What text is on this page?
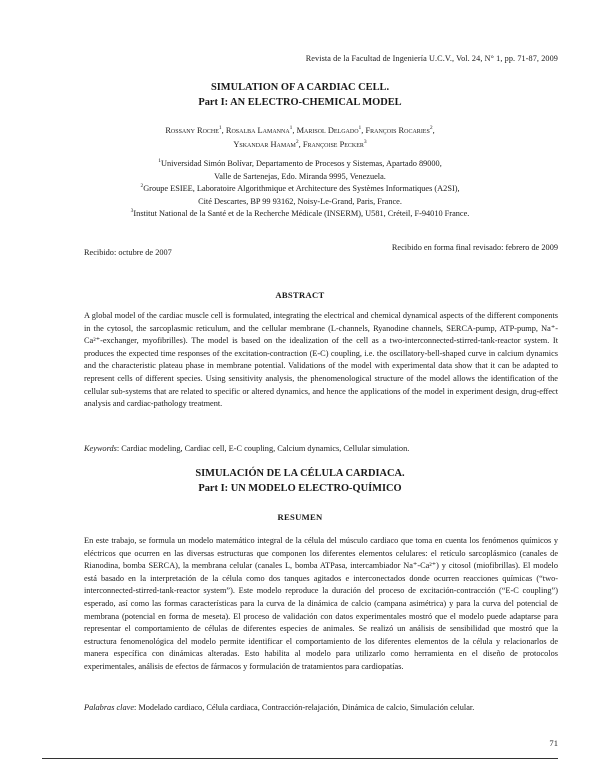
Revista de la Facultad de Ingeniería U.C.V., Vol. 24, N° 1, pp. 71-87, 2009
SIMULATION OF A CARDIAC CELL.
Part I: AN ELECTRO-CHEMICAL MODEL
Rossany Roche$^1$, Rosalba Lamanna$^1$, Marisol Delgado$^1$, François Rocaries$^2$,
Yskandar Hamam$^2$, Françoise Pecker$^3$
$^1$Universidad Simón Bolívar, Departamento de Procesos y Sistemas, Apartado 89000,
Valle de Sartenejas, Edo. Miranda 9995, Venezuela.
$^2$Groupe ESIEE, Laboratoire Algorithmique et Architecture des Systèmes Informatiques (A2SI),
Cité Descartes, BP 99 93162, Noisy-Le-Grand, Paris, France.
$^3$Institut National de la Santé et de la Recherche Médicale (INSERM), U581, Créteil, F-94010 France.
Recibido: octubre de 2007
Recibido en forma final revisado: febrero de 2009
ABSTRACT
A global model of the cardiac muscle cell is formulated, integrating the electrical and chemical dynamical aspects of the different components in the cytosol, the sarcoplasmic reticulum, and the cellular membrane (L-channels, Ryanodine channels, SERCA-pump, ATP-pump, Na⁺-Ca²⁺-exchanger, myofibrilles). The model is based on the idealization of the cell as a two-interconnected-stirred-tank-reactor system. It produces the expected time responses of the excitation-contraction (E-C) coupling, i.e. the oscillatory-bell-shaped curve in calcium dynamics and the characteristic plateau phase in membrane potential. Validations of the model with experimental data show that it can be adapted to represent cells of different species. Using sensitivity analysis, the phenomenological structure of the model allows the identification of the cellular sub-systems that are related to specific or altered dynamics, and hence the applications of the model in experiment design, drug-effect analysis and cardiac-pathology treatment.
Keywords: Cardiac modeling, Cardiac cell, E-C coupling, Calcium dynamics, Cellular simulation.
SIMULACIÓN DE LA CÉLULA CARDIACA.
Part I: UN MODELO ELECTRO-QUÍMICO
RESUMEN
En este trabajo, se formula un modelo matemático integral de la célula del músculo cardiaco que toma en cuenta los fenómenos químicos y eléctricos que ocurren en las diversas estructuras que componen los diferentes elementos celulares: el retículo sarcoplásmico (canales de Rianodina, bomba SERCA), la membrana celular (canales L, bomba ATPasa, intercambiador Na⁺-Ca²⁺) y citosol (miofibrillas). El modelo está basado en la interpretación de la célula como dos tanques agitados e interconectados donde ocurren reacciones químicas (“two-interconnected-stirred-tank-reactor system”). Este modelo reproduce la duración del proceso de excitación-contracción (“E-C coupling”) esperado, así como las formas características para la curva de la dinámica de calcio (campana asimétrica) y para la curva del potencial de membrana (potencial en forma de meseta). El proceso de validación con datos experimentales mostró que el modelo puede adaptarse para representar el comportamiento de células de diferentes especies de animales. Se realizó un análisis de sensibilidad que mostró que la estructura fenomenológica del modelo permite identificar el comportamiento de los diferentes elementos de la célula y relacionarlos de manera específica con dinámicas alteradas. Esto habilita al modelo para utilizarlo como herramienta en el diseño de protocolos experimentales, análisis de efectos de fármacos y formulación de tratamientos para cardiopatías.
Palabras clave: Modelado cardiaco, Célula cardiaca, Contracción-relajación, Dinámica de calcio, Simulación celular.
71
